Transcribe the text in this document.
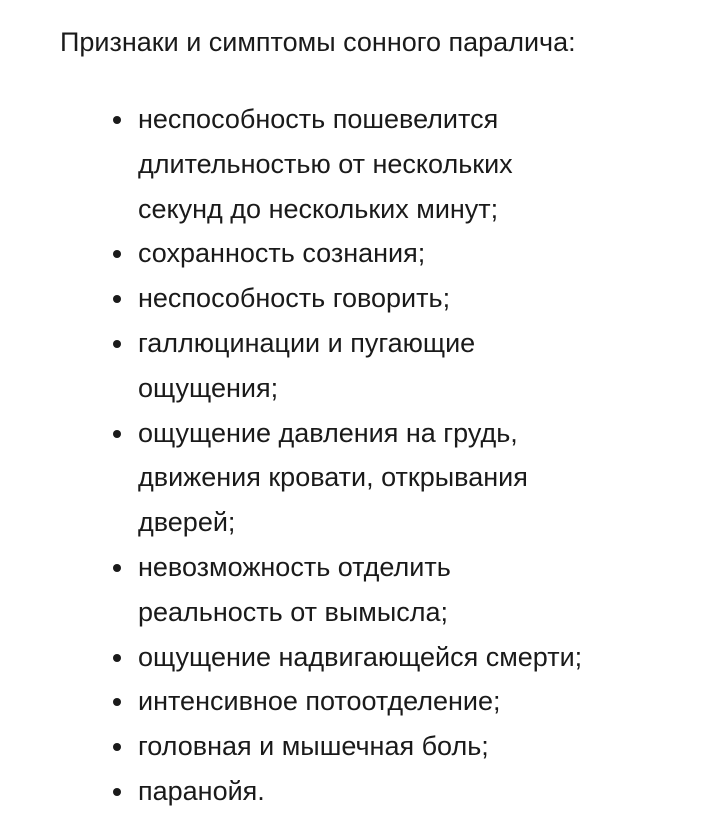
Признаки и симптомы сонного паралича:
неспособность пошевелится
длительностью от нескольких
секунд до нескольких минут;
сохранность сознания;
неспособность говорить;
галлюцинации и пугающие
ощущения;
ощущение давления на грудь,
движения кровати, открывания
дверей;
невозможность отделить
реальность от вымысла;
ощущение надвигающейся смерти;
интенсивное потоотделение;
головная и мышечная боль;
паранойя.
